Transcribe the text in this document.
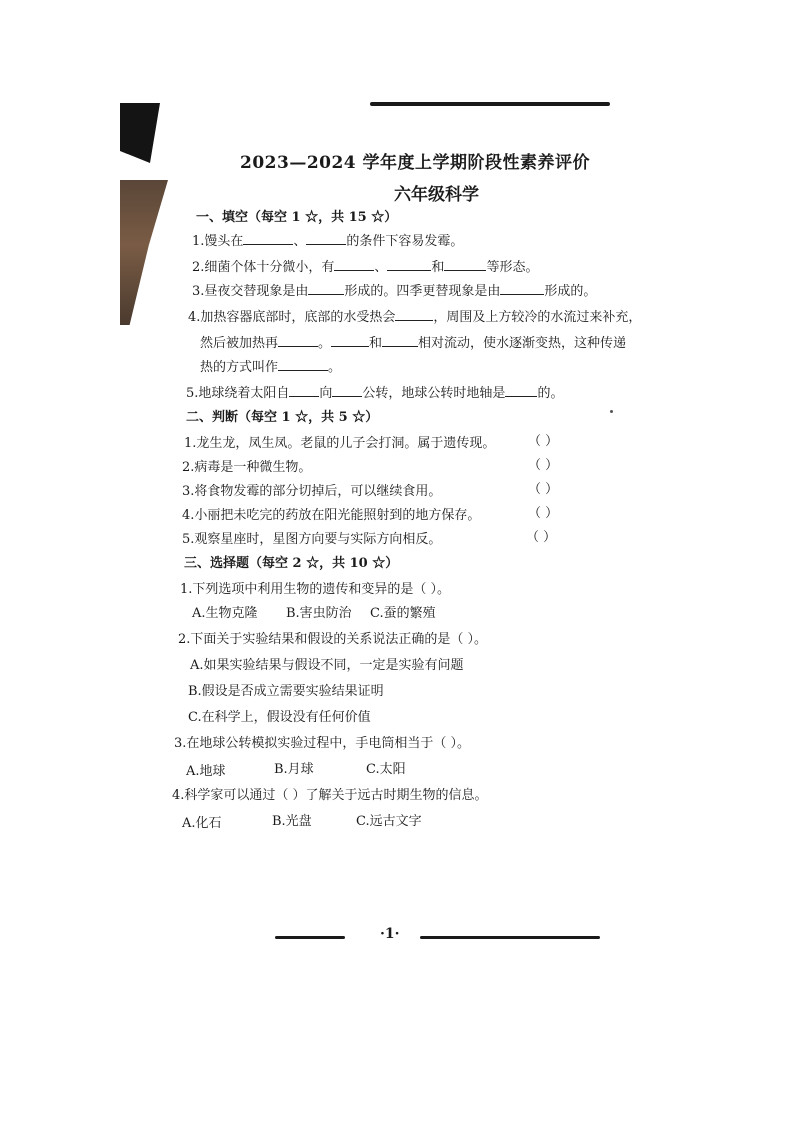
2023—2024 学年度上学期阶段性素养评价
六年级科学
一、填空（每空 1 ☆，共 15 ☆）
1.馒头在	、	的条件下容易发霉。
2.细菌个体十分微小，有	、	和	等形态。
3.昼夜交替现象是由	形成的。四季更替现象是由	形成的。
4.加热容器底部时，底部的水受热会	，周围及上方较冷的水流过来补充，
然后被加热再	。	和	相对流动，使水逐渐变热，这种传递
热的方式叫作	。
5.地球绕着太阳自 向 公转，地球公转时地轴是 的。
二、判断（每空 1 ☆，共 5 ☆）
1.龙生龙，凤生凤。老鼠的儿子会打洞。属于遗传现。	（ ）
2.病毒是一种微生物。	（ ）
3.将食物发霉的部分切掉后，可以继续食用。	（ ）
4.小丽把未吃完的药放在阳光能照射到的地方保存。	（ ）
5.观察星座时，星图方向要与实际方向相反。	（ ）
三、选择题（每空 2 ☆，共 10 ☆）
1.下列选项中利用生物的遗传和变异的是（ ）。
A.生物克隆 B.害虫防治 C.蚕的繁殖
2.下面关于实验结果和假设的关系说法正确的是（ ）。
A.如果实验结果与假设不同，一定是实验有问题
B.假设是否成立需要实验结果证明
C.在科学上，假设没有任何价值
3.在地球公转模拟实验过程中，手电筒相当于（ ）。
A.地球	B.月球	C.太阳
4.科学家可以通过（ ）了解关于远古时期生物的信息。
A.化石	B.光盘	C.远古文字
·1·
